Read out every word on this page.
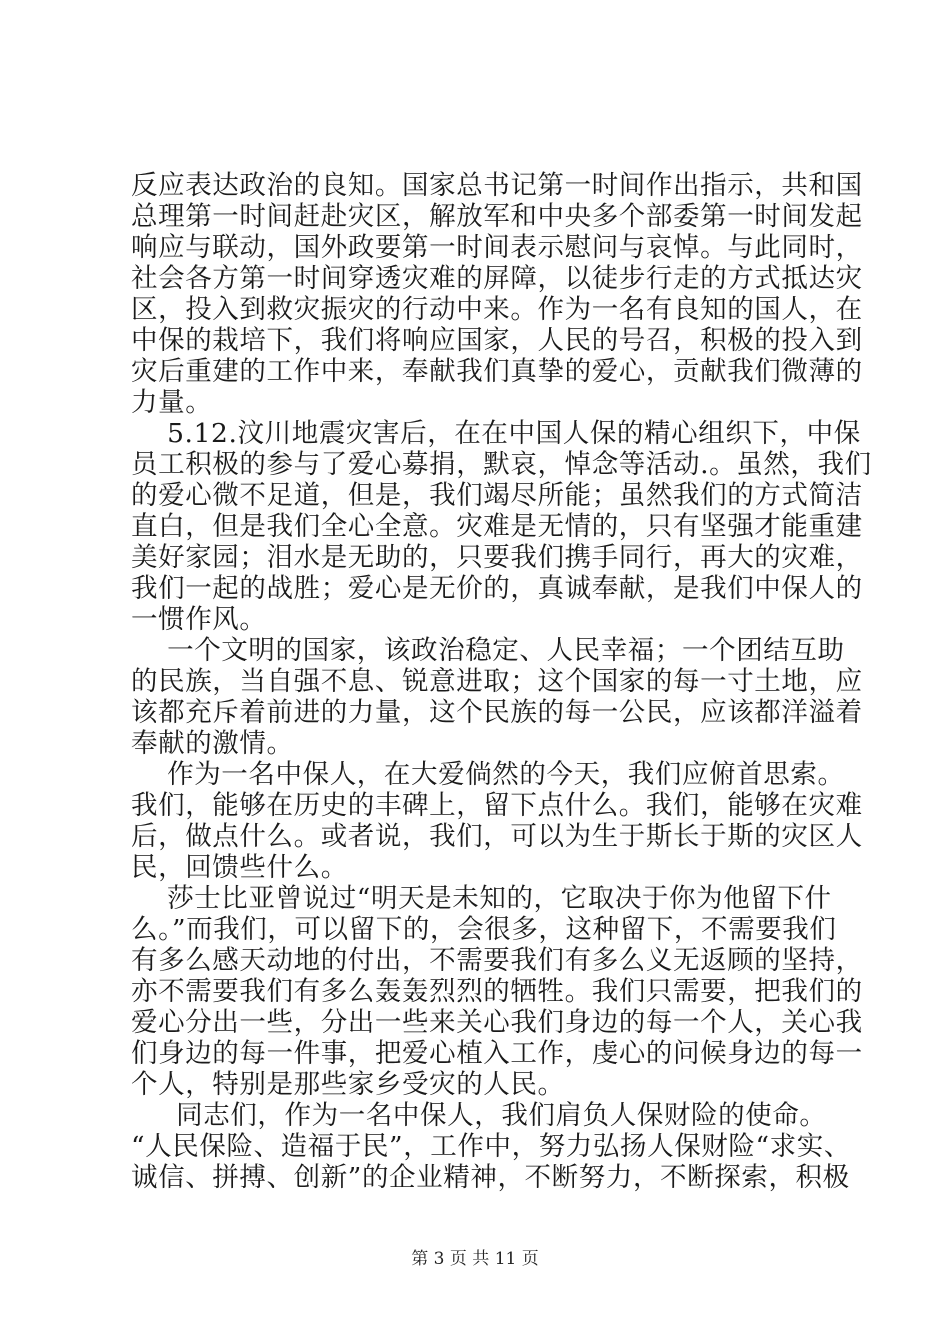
反应表达政治的良知。国家总书记第一时间作出指示，共和国
总理第一时间赶赴灾区，解放军和中央多个部委第一时间发起
响应与联动，国外政要第一时间表示慰问与哀悼。与此同时，
社会各方第一时间穿透灾难的屏障，以徒步行走的方式抵达灾
区，投入到救灾振灾的行动中来。作为一名有良知的国人，在
中保的栽培下，我们将响应国家，人民的号召，积极的投入到
灾后重建的工作中来，奉献我们真挚的爱心，贡献我们微薄的
力量。
5.12.汶川地震灾害后，在在中国人保的精心组织下，中保
员工积极的参与了爱心募捐，默哀，悼念等活动.。虽然，我们
的爱心微不足道，但是，我们竭尽所能；虽然我们的方式简洁
直白，但是我们全心全意。灾难是无情的，只有坚强才能重建
美好家园；泪水是无助的，只要我们携手同行，再大的灾难，
我们一起的战胜；爱心是无价的，真诚奉献，是我们中保人的
一惯作风。
一个文明的国家，该政治稳定、人民幸福；一个团结互助
的民族，当自强不息、锐意进取；这个国家的每一寸土地，应
该都充斥着前进的力量，这个民族的每一公民，应该都洋溢着
奉献的激情。
作为一名中保人，在大爱倘然的今天，我们应俯首思索。
我们，能够在历史的丰碑上，留下点什么。我们，能够在灾难
后，做点什么。或者说，我们，可以为生于斯长于斯的灾区人
民，回馈些什么。
莎士比亚曾说过“明天是未知的，它取决于你为他留下什
么。”而我们，可以留下的，会很多，这种留下，不需要我们
有多么感天动地的付出，不需要我们有多么义无返顾的坚持，
亦不需要我们有多么轰轰烈烈的牺牲。我们只需要，把我们的
爱心分出一些，分出一些来关心我们身边的每一个人，关心我
们身边的每一件事，把爱心植入工作，虔心的问候身边的每一
个人，特别是那些家乡受灾的人民。
同志们，作为一名中保人，我们肩负人保财险的使命。
“人民保险、造福于民”，工作中，努力弘扬人保财险“求实、
诚信、拼搏、创新”的企业精神，不断努力，不断探索，积极
第 3 页 共 11 页
